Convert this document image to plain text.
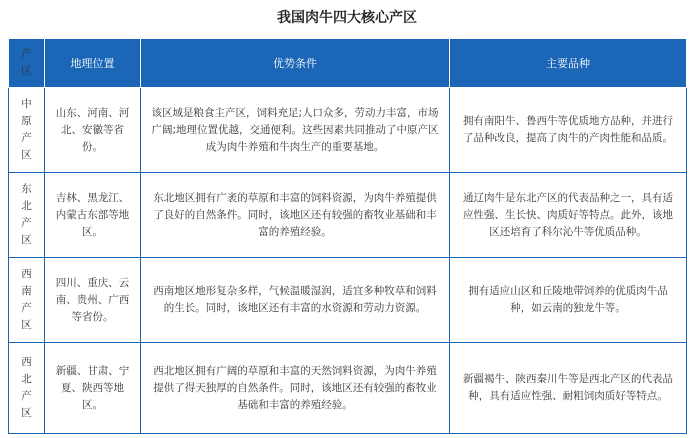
我国肉牛四大核心产区
产区	地理位置	优势条件	主要品种
中原产区	山东、河南、河北、安徽等省份。	该区域是粮食主产区，饲料充足;人口众多，劳动力丰富，市场广阔;地理位置优越，交通便利。这些因素共同推动了中原产区成为肉牛养殖和牛肉生产的重要基地。	拥有南阳牛、鲁西牛等优质地方品种，并进行了品种改良，提高了肉牛的产肉性能和品质。
东北产区	吉林、黑龙江、内蒙古东部等地区。	东北地区拥有广袤的草原和丰富的饲料资源，为肉牛养殖提供了良好的自然条件。同时，该地区还有较强的畜牧业基础和丰富的养殖经验。	通辽肉牛是东北产区的代表品种之一，具有适应性强、生长快、肉质好等特点。此外，该地区还培育了科尔沁牛等优质品种。
西南产区	四川、重庆、云南、贵州、广西等省份。	西南地区地形复杂多样，气候温暖湿润，适宜多种牧草和饲料的生长。同时，该地区还有丰富的水资源和劳动力资源。	拥有适应山区和丘陵地带饲养的优质肉牛品种，如云南的独龙牛等。
西北产区	新疆、甘肃、宁夏、陕西等地区。	西北地区拥有广阔的草原和丰富的天然饲料资源，为肉牛养殖提供了得天独厚的自然条件。同时，该地区还有较强的畜牧业基础和丰富的养殖经验。	新疆褐牛、陕西秦川牛等是西北产区的代表品种，具有适应性强、耐粗饲肉质好等特点。
